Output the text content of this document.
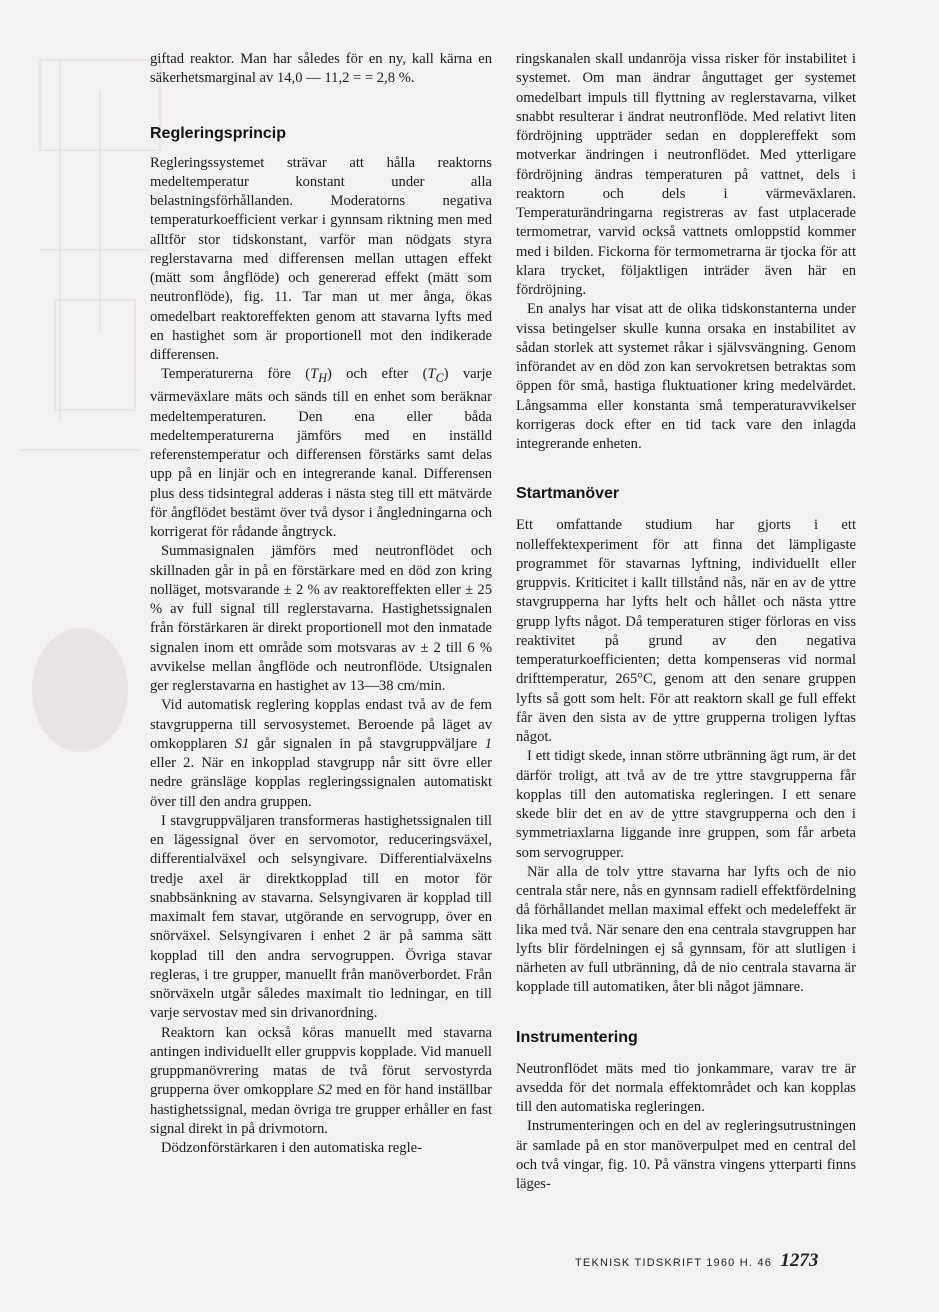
giftad reaktor. Man har således för en ny, kall kärna en säkerhetsmarginal av 14,0 — 11,2 = = 2,8 %.

Regleringsprincip

Regleringssystemet strävar att hålla reaktorns medeltemperatur konstant under alla belastningsförhållanden. Moderatorns negativa temperaturkoefficient verkar i gynnsam riktning men med alltför stor tidskonstant, varför man nödgats styra reglerstavarna med differensen mellan uttagen effekt (mätt som ångflöde) och genererad effekt (mätt som neutronflöde), fig. 11. Tar man ut mer ånga, ökas omedelbart reaktoreffekten genom att stavarna lyfts med en hastighet som är proportionell mot den indikerade differensen.

Temperaturerna före $(T_H)$ och efter $(T_C)$ varje värmeväxlare mäts och sänds till en enhet som beräknar medeltemperaturen. Den ena eller båda medeltemperaturerna jämförs med en inställd referenstemperatur och differensen förstärks samt delas upp på en linjär och en integrerande kanal. Differensen plus dess tidsintegral adderas i nästa steg till ett mätvärde för ångflödet bestämt över två dysor i ångledningarna och korrigerat för rådande ångtryck.

Summasignalen jämförs med neutronflödet och skillnaden går in på en förstärkare med en död zon kring nolläget, motsvarande ± 2 % av reaktoreffekten eller ± 25 % av full signal till reglerstavarna. Hastighetssignalen från förstärkaren är direkt proportionell mot den inmatade signalen inom ett område som motsvaras av ± 2 till 6 % avvikelse mellan ångflöde och neutronflöde. Utsignalen ger reglerstavarna en hastighet av 13—38 cm/min.

Vid automatisk reglering kopplas endast två av de fem stavgrupperna till servosystemet. Beroende på läget av omkopplaren S1 går signalen in på stavgruppväljare 1 eller 2. När en inkopplad stavgrupp når sitt övre eller nedre gränsläge kopplas regleringssignalen automatiskt över till den andra gruppen.

I stavgruppväljaren transformeras hastighetssignalen till en lägessignal över en servomotor, reduceringsväxel, differentialväxel och selsyngivare. Differentialväxelns tredje axel är direktkopplad till en motor för snabbsänkning av stavarna. Selsyngivaren är kopplad till maximalt fem stavar, utgörande en servogrupp, över en snörväxel. Selsyngivaren i enhet 2 är på samma sätt kopplad till den andra servogruppen. Övriga stavar regleras, i tre grupper, manuellt från manöverbordet. Från snörväxeln utgår således maximalt tio ledningar, en till varje servostav med sin drivanordning.

Reaktorn kan också köras manuellt med stavarna antingen individuellt eller gruppvis kopplade. Vid manuell gruppmanövrering matas de två förut servostyrda grupperna över omkopplare S2 med en för hand inställbar hastighetssignal, medan övriga tre grupper erhåller en fast signal direkt in på drivmotorn.

Dödzonförstärkaren i den automatiska regle-

ringskanalen skall undanröja vissa risker för instabilitet i systemet. Om man ändrar ånguttaget ger systemet omedelbart impuls till flyttning av reglerstavarna, vilket snabbt resulterar i ändrat neutronflöde. Med relativt liten fördröjning uppträder sedan en dopplereffekt som motverkar ändringen i neutronflödet. Med ytterligare fördröjning ändras temperaturen på vattnet, dels i reaktorn och dels i värmeväxlaren. Temperaturändringarna registreras av fast utplacerade termometrar, varvid också vattnets omloppstid kommer med i bilden. Fickorna för termometrarna är tjocka för att klara trycket, följaktligen inträder även här en fördröjning.

En analys har visat att de olika tidskonstanterna under vissa betingelser skulle kunna orsaka en instabilitet av sådan storlek att systemet råkar i självsvängning. Genom införandet av en död zon kan servokretsen betraktas som öppen för små, hastiga fluktuationer kring medelvärdet. Långsamma eller konstanta små temperaturavvikelser korrigeras dock efter en tid tack vare den inlagda integrerande enheten.

Startmanöver

Ett omfattande studium har gjorts i ett nolleffektexperiment för att finna det lämpligaste programmet för stavarnas lyftning, individuellt eller gruppvis. Kriticitet i kallt tillstånd nås, när en av de yttre stavgrupperna har lyfts helt och hållet och nästa yttre grupp lyfts något. Då temperaturen stiger förloras en viss reaktivitet på grund av den negativa temperaturkoefficienten; detta kompenseras vid normal drifttemperatur, 265°C, genom att den senare gruppen lyfts så gott som helt. För att reaktorn skall ge full effekt får även den sista av de yttre grupperna troligen lyftas något.

I ett tidigt skede, innan större utbränning ägt rum, är det därför troligt, att två av de tre yttre stavgrupperna får kopplas till den automatiska regleringen. I ett senare skede blir det en av de yttre stavgrupperna och den i symmetriaxlarna liggande inre gruppen, som får arbeta som servogrupper.

När alla de tolv yttre stavarna har lyfts och de nio centrala står nere, nås en gynnsam radiell effektfördelning då förhållandet mellan maximal effekt och medeleffekt är lika med två. När senare den ena centrala stavgruppen har lyfts blir fördelningen ej så gynnsam, för att slutligen i närheten av full utbränning, då de nio centrala stavarna är kopplade till automatiken, åter bli något jämnare.

Instrumentering

Neutronflödet mäts med tio jonkammare, varav tre är avsedda för det normala effektområdet och kan kopplas till den automatiska regleringen.

Instrumenteringen och en del av regleringsutrustningen är samlade på en stor manöverpulpet med en central del och två vingar, fig. 10. På vänstra vingens ytterparti finns läges-

TEKNISK TIDSKRIFT 1960 H. 46 1273
